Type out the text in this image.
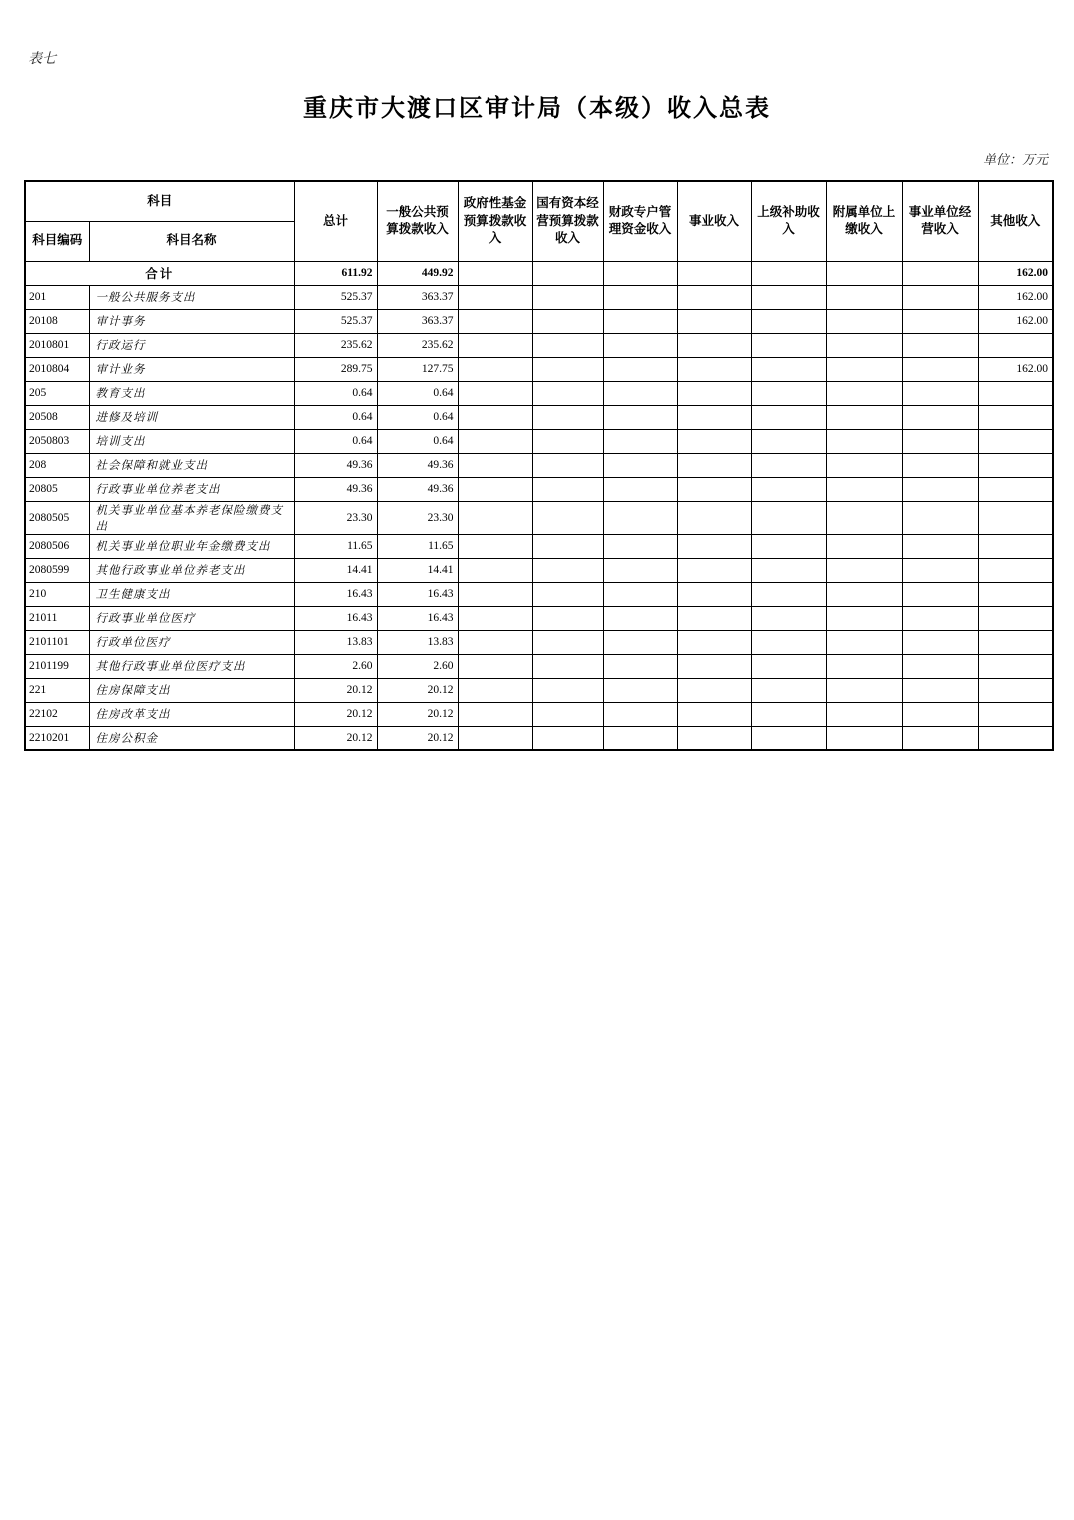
表七
重庆市大渡口区审计局（本级）收入总表
单位：万元
科目		总计	一般公共预算拨款收入	政府性基金预算拨款收入	国有资本经营预算拨款收入	财政专户管理资金收入	事业收入	上级补助收入	附属单位上缴收入	事业单位经营收入	其他收入
科目编码	科目名称										
合计		611.92	449.92								162.00
201	一般公共服务支出	525.37	363.37								162.00
20108	审计事务	525.37	363.37								162.00
2010801	行政运行	235.62	235.62								
2010804	审计业务	289.75	127.75								162.00
205	教育支出	0.64	0.64								
20508	进修及培训	0.64	0.64								
2050803	培训支出	0.64	0.64								
208	社会保障和就业支出	49.36	49.36								
20805	行政事业单位养老支出	49.36	49.36								
2080505	机关事业单位基本养老保险缴费支出	23.30	23.30								
2080506	机关事业单位职业年金缴费支出	11.65	11.65								
2080599	其他行政事业单位养老支出	14.41	14.41								
210	卫生健康支出	16.43	16.43								
21011	行政事业单位医疗	16.43	16.43								
2101101	行政单位医疗	13.83	13.83								
2101199	其他行政事业单位医疗支出	2.60	2.60								
221	住房保障支出	20.12	20.12								
22102	住房改革支出	20.12	20.12								
2210201	住房公积金	20.12	20.12								
